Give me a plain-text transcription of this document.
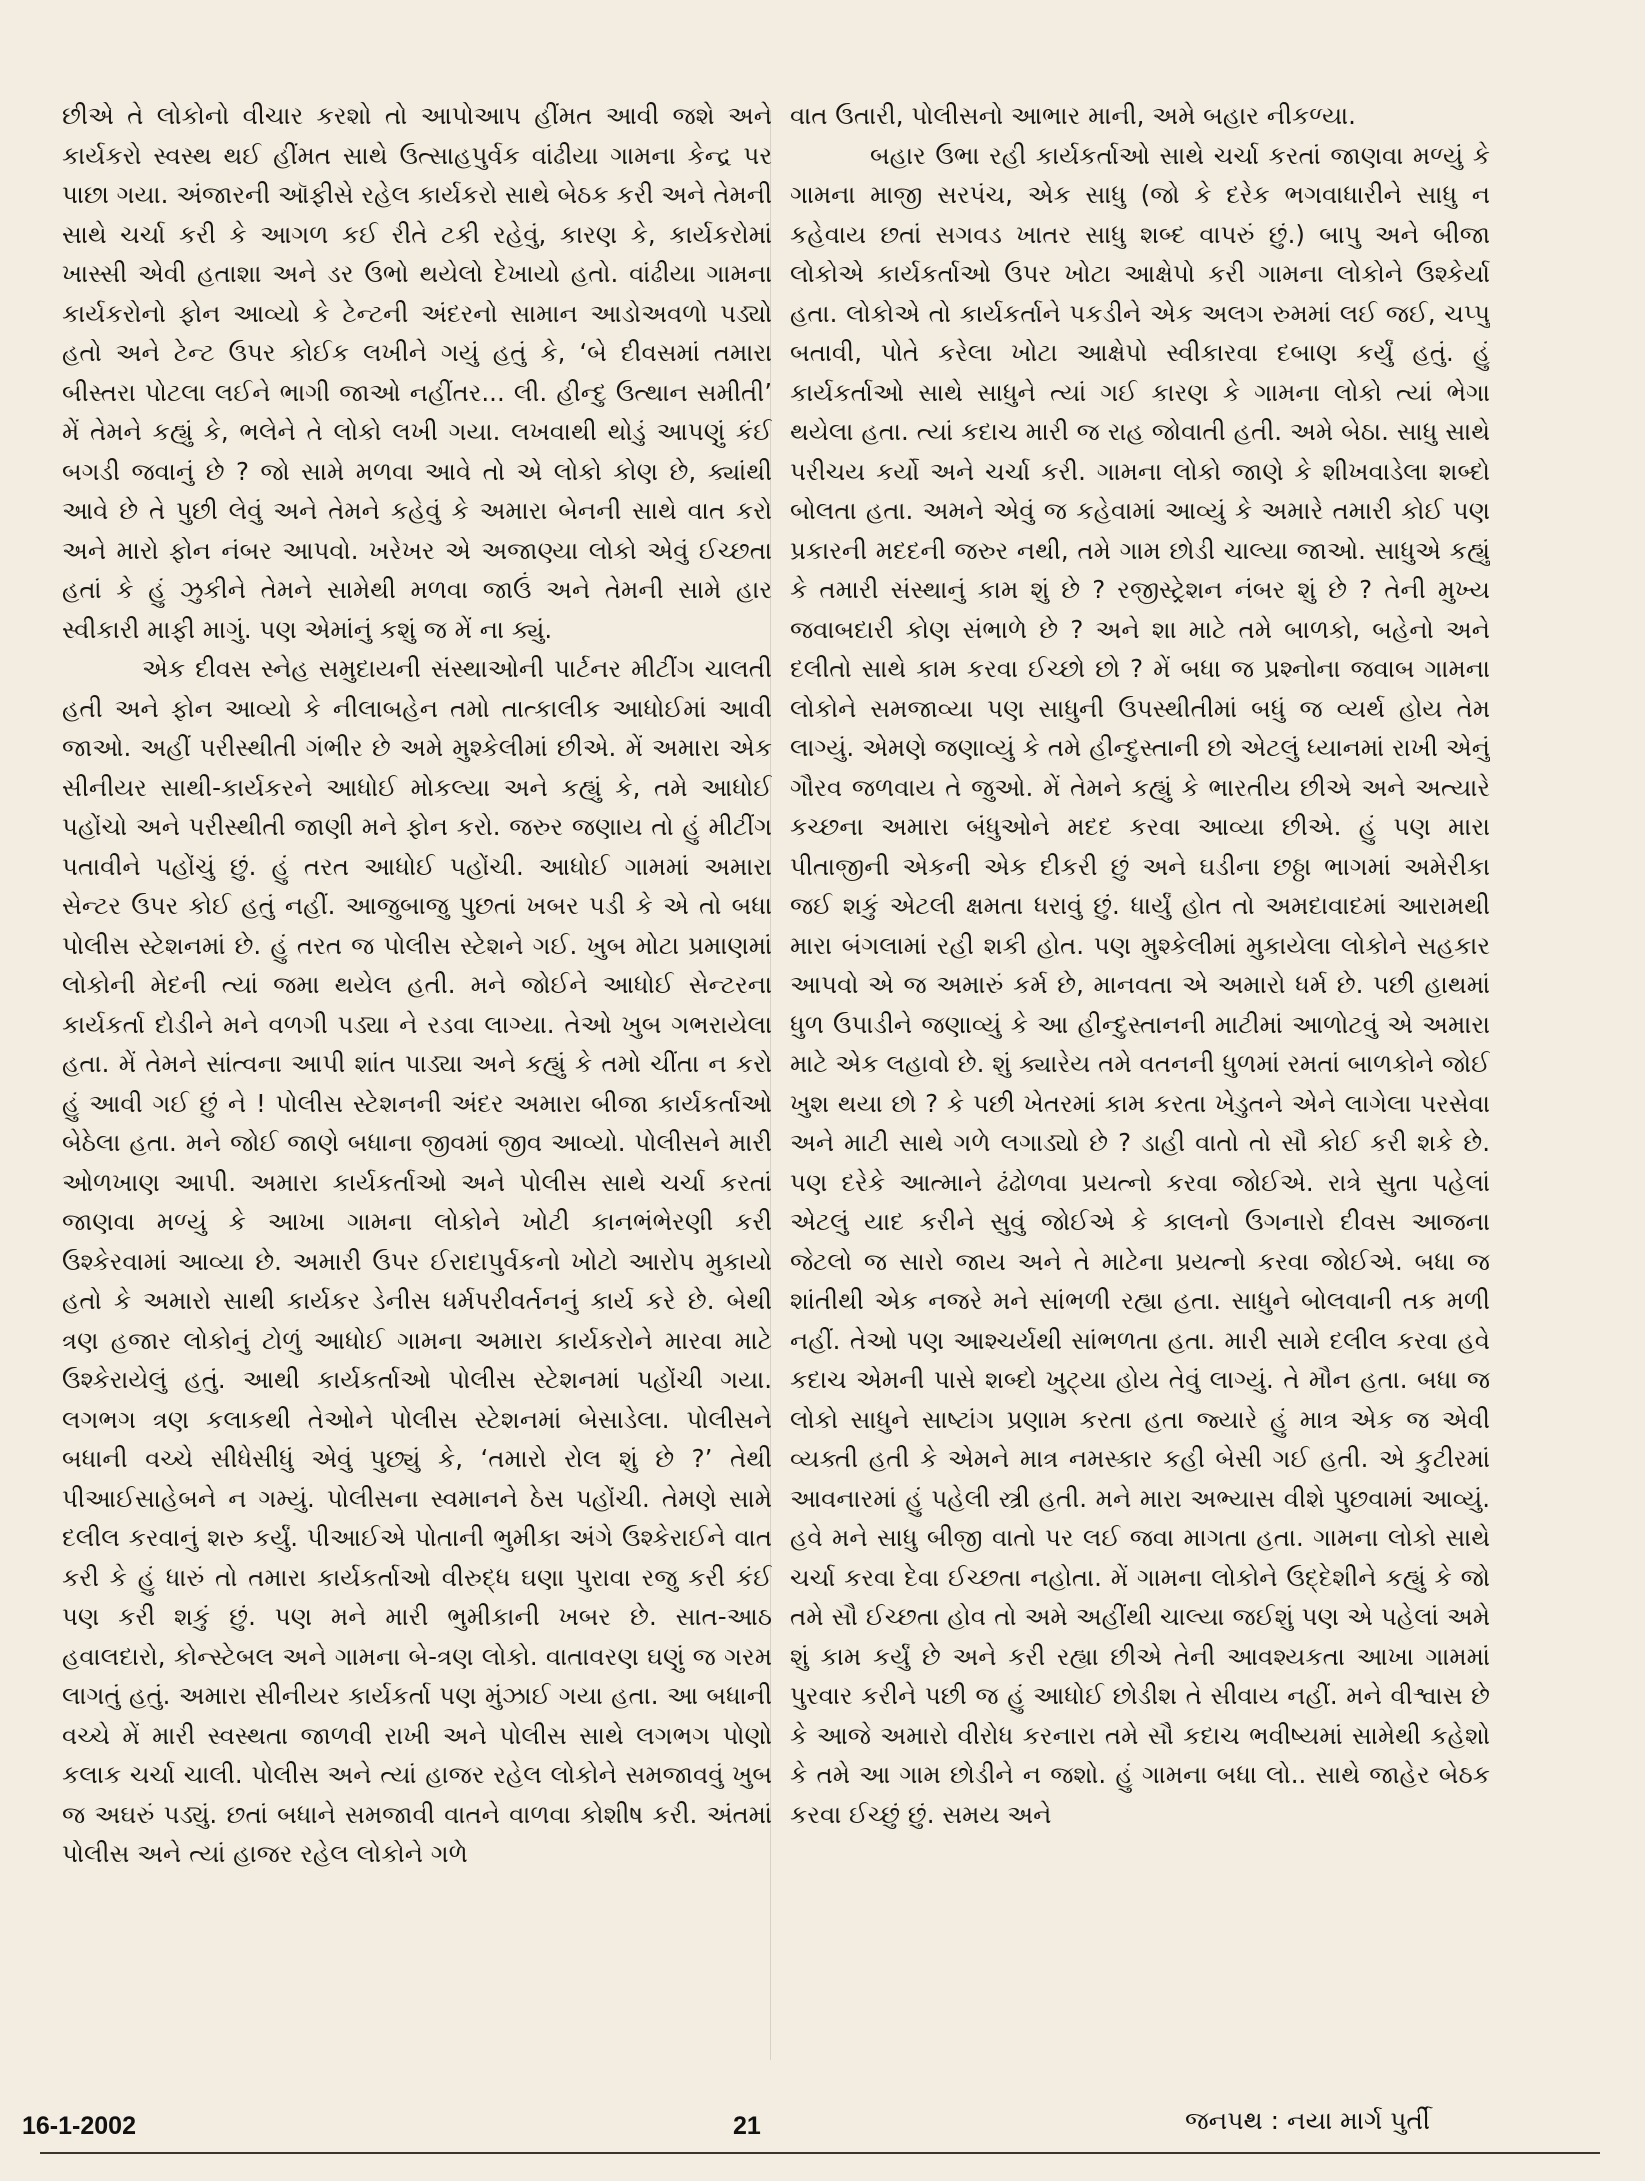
છીએ તે લોકોનો વીચાર કરશો તો આપોઆપ હીંમત આવી જશે અને કાર્યકરો સ્વસ્થ થઈ હીંમત સાથે ઉત્સાહપુર્વક વાંઢીયા ગામના કેન્દ્ર પર પાછા ગયા. અંજારની ઑફીસે રહેલ કાર્યકરો સાથે બેઠક કરી અને તેમની સાથે ચર્ચા કરી કે આગળ કઈ રીતે ટકી રહેવું, કારણ કે, કાર્યકરોમાં ખાસ્સી એવી હતાશા અને ડર ઉભો થયેલો દેખાયો હતો. વાંઢીયા ગામના કાર્યકરોનો ફોન આવ્યો કે ટેન્ટની અંદરનો સામાન આડોઅવળો પડ્યો હતો અને ટેન્ટ ઉપર કોઈક લખીને ગયું હતું કે, ‘બે દીવસમાં તમારા બીસ્તરા પોટલા લઈને ભાગી જાઓ નહીંતર... લી. હીન્દુ ઉત્થાન સમીતી’ મેં તેમને કહ્યું કે, ભલેને તે લોકો લખી ગયા. લખવાથી થોડું આપણું કંઈ બગડી જવાનું છે ? જો સામે મળવા આવે તો એ લોકો કોણ છે, ક્યાંથી આવે છે તે પુછી લેવું અને તેમને કહેવું કે અમારા બેનની સાથે વાત કરો અને મારો ફોન નંબર આપવો. ખરેખર એ અજાણ્યા લોકો એવું ઈચ્છતા હતાં કે હું ઝુકીને તેમને સામેથી મળવા જાઉં અને તેમની સામે હાર સ્વીકારી માફી માગું. પણ એમાંનું કશું જ મેં ના ક્યું.

એક દીવસ સ્નેહ સમુદાયની સંસ્થાઓની પાર્ટનર મીટીંગ ચાલતી હતી અને ફોન આવ્યો કે નીલાબહેન તમો તાત્કાલીક આધોઈમાં આવી જાઓ. અહીં પરીસ્થીતી ગંભીર છે અમે મુશ્કેલીમાં છીએ. મેં અમારા એક સીનીયર સાથી-કાર્યકરને આધોઈ મોકલ્યા અને કહ્યું કે, તમે આધોઈ પહોંચો અને પરીસ્થીતી જાણી મને ફોન કરો. જરુર જણાય તો હું મીટીંગ પતાવીને પહોંચું છું. હું તરત આધોઈ પહોંચી. આધોઈ ગામમાં અમારા સેન્ટર ઉપર કોઈ હતું નહીં. આજુબાજુ પુછતાં ખબર પડી કે એ તો બધા પોલીસ સ્ટેશનમાં છે. હું તરત જ પોલીસ સ્ટેશને ગઈ. ખુબ મોટા પ્રમાણમાં લોકોની મેદની ત્યાં જમા થયેલ હતી. મને જોઈને આધોઈ સેન્ટરના કાર્યકર્તા દોડીને મને વળગી પડ્યા ને રડવા લાગ્યા. તેઓ ખુબ ગભરાયેલા હતા. મેં તેમને સાંત્વના આપી શાંત પાડ્યા અને કહ્યું કે તમો ચીંતા ન કરો હું આવી ગઈ છું ને ! પોલીસ સ્ટેશનની અંદર અમારા બીજા કાર્યકર્તાઓ બેઠેલા હતા. મને જોઈ જાણે બધાના જીવમાં જીવ આવ્યો. પોલીસને મારી ઓળખાણ આપી. અમારા કાર્યકર્તાઓ અને પોલીસ સાથે ચર્ચા કરતાં જાણવા મળ્યું કે આખા ગામના લોકોને ખોટી કાનભંભેરણી કરી ઉશ્કેરવામાં આવ્યા છે. અમારી ઉપર ઈરાદાપુર્વકનો ખોટો આરોપ મુકાયો હતો કે અમારો સાથી કાર્યકર ડેનીસ ધર્મપરીવર્તનનું કાર્ય કરે છે. બેથી ત્રણ હજાર લોકોનું ટોળું આધોઈ ગામના અમારા કાર્યકરોને મારવા માટે ઉશ્કેરાયેલું હતું. આથી કાર્યકર્તાઓ પોલીસ સ્ટેશનમાં પહોંચી ગયા. લગભગ ત્રણ કલાકથી તેઓને પોલીસ સ્ટેશનમાં બેસાડેલા. પોલીસને બધાની વચ્ચે સીધેસીધું એવું પુછ્યું કે, ‘તમારો રોલ શું છે ?’ તેથી પીઆઈસાહેબને ન ગમ્યું. પોલીસના સ્વમાનને ઠેસ પહોંચી. તેમણે સામે દલીલ કરવાનું શરુ કર્યું. પીઆઈએ પોતાની ભુમીકા અંગે ઉશ્કેરાઈને વાત કરી કે હું ધારું તો તમારા કાર્યકર્તાઓ વીરુદ્ધ ઘણા પુરાવા રજુ કરી કંઈ પણ કરી શકું છું. પણ મને મારી ભુમીકાની ખબર છે. સાત-આઠ હવાલદારો, કોન્સ્ટેબલ અને ગામના બે-ત્રણ લોકો. વાતાવરણ ઘણું જ ગરમ લાગતું હતું. અમારા સીનીયર કાર્યકર્તા પણ મુંઝાઈ ગયા હતા. આ બધાની વચ્ચે મેં મારી સ્વસ્થતા જાળવી રાખી અને પોલીસ સાથે લગભગ પોણો કલાક ચર્ચા ચાલી. પોલીસ અને ત્યાં હાજર રહેલ લોકોને સમજાવવું ખુબ જ અઘરું પડ્યું. છતાં બધાને સમજાવી વાતને વાળવા કોશીષ કરી. અંતમાં પોલીસ અને ત્યાં હાજર રહેલ લોકોને ગળે

વાત ઉતારી, પોલીસનો આભાર માની, અમે બહાર નીકળ્યા.

બહાર ઉભા રહી કાર્યકર્તાઓ સાથે ચર્ચા કરતાં જાણવા મળ્યું કે ગામના માજી સરપંચ, એક સાધુ (જો કે દરેક ભગવાધારીને સાધુ ન કહેવાય છતાં સગવડ ખાતર સાધુ શબ્દ વાપરું છું.) બાપુ અને બીજા લોકોએ કાર્યકર્તાઓ ઉપર ખોટા આક્ષેપો કરી ગામના લોકોને ઉશ્કેર્યા હતા. લોકોએ તો કાર્યકર્તાને પકડીને એક અલગ રુમમાં લઈ જઈ, ચપ્પુ બતાવી, પોતે કરેલા ખોટા આક્ષેપો સ્વીકારવા દબાણ કર્યું હતું. હું કાર્યકર્તાઓ સાથે સાધુને ત્યાં ગઈ કારણ કે ગામના લોકો ત્યાં ભેગા થયેલા હતા. ત્યાં કદાચ મારી જ રાહ જોવાતી હતી. અમે બેઠા. સાધુ સાથે પરીચય કર્યો અને ચર્ચા કરી. ગામના લોકો જાણે કે શીખવાડેલા શબ્દો બોલતા હતા. અમને એવું જ કહેવામાં આવ્યું કે અમારે તમારી કોઈ પણ પ્રકારની મદદની જરુર નથી, તમે ગામ છોડી ચાલ્યા જાઓ. સાધુએ કહ્યું કે તમારી સંસ્થાનું કામ શું છે ? રજીસ્ટ્રેશન નંબર શું છે ? તેની મુખ્ય જવાબદારી કોણ સંભાળે છે ? અને શા માટે તમે બાળકો, બહેનો અને દલીતો સાથે કામ કરવા ઈચ્છો છો ? મેં બધા જ પ્રશ્નોના જવાબ ગામના લોકોને સમજાવ્યા પણ સાધુની ઉપસ્થીતીમાં બધું જ વ્યર્થ હોય તેમ લાગ્યું. એમણે જણાવ્યું કે તમે હીન્દુસ્તાની છો એટલું ધ્યાનમાં રાખી એનું ગૌરવ જળવાય તે જુઓ. મેં તેમને કહ્યું કે ભારતીય છીએ અને અત્યારે કચ્છના અમારા બંધુઓને મદદ કરવા આવ્યા છીએ. હું પણ મારા પીતાજીની એકની એક દીકરી છું અને ઘડીના છઠ્ઠા ભાગમાં અમેરીકા જઈ શકું એટલી ક્ષમતા ધરાવું છું. ધાર્યું હોત તો અમદાવાદમાં આરામથી મારા બંગલામાં રહી શકી હોત. પણ મુશ્કેલીમાં મુકાયેલા લોકોને સહકાર આપવો એ જ અમારું કર્મ છે, માનવતા એ અમારો ધર્મ છે. પછી હાથમાં ધુળ ઉપાડીને જણાવ્યું કે આ હીન્દુસ્તાનની માટીમાં આળોટવું એ અમારા માટે એક લહાવો છે. શું ક્યારેય તમે વતનની ધુળમાં રમતાં બાળકોને જોઈ ખુશ થયા છો ? કે પછી ખેતરમાં કામ કરતા ખેડુતને એને લાગેલા પરસેવા અને માટી સાથે ગળે લગાડ્યો છે ? ડાહી વાતો તો સૌ કોઈ કરી શકે છે. પણ દરેકે આત્માને ઢંઢોળવા પ્રયત્નો કરવા જોઈએ. રાત્રે સુતા પહેલાં એટલું યાદ કરીને સુવું જોઈએ કે કાલનો ઉગનારો દીવસ આજના જેટલો જ સારો જાય અને તે માટેના પ્રયત્નો કરવા જોઈએ. બધા જ શાંતીથી એક નજરે મને સાંભળી રહ્યા હતા. સાધુને બોલવાની તક મળી નહીં. તેઓ પણ આશ્ચર્યથી સાંભળતા હતા. મારી સામે દલીલ કરવા હવે કદાચ એમની પાસે શબ્દો ખુટ્યા હોય તેવું લાગ્યું. તે મૌન હતા. બધા જ લોકો સાધુને સાષ્ટાંગ પ્રણામ કરતા હતા જ્યારે હું માત્ર એક જ એવી વ્યક્તી હતી કે એમને માત્ર નમસ્કાર કહી બેસી ગઈ હતી. એ કુટીરમાં આવનારમાં હું પહેલી સ્ત્રી હતી. મને મારા અભ્યાસ વીશે પુછવામાં આવ્યું. હવે મને સાધુ બીજી વાતો પર લઈ જવા માગતા હતા. ગામના લોકો સાથે ચર્ચા કરવા દેવા ઈચ્છતા નહોતા. મેં ગામના લોકોને ઉદ્દેશીને કહ્યું કે જો તમે સૌ ઈચ્છતા હોવ તો અમે અહીંથી ચાલ્યા જઈશું પણ એ પહેલાં અમે શું કામ કર્યું છે અને કરી રહ્યા છીએ તેની આવશ્યકતા આખા ગામમાં પુરવાર કરીને પછી જ હું આધોઈ છોડીશ તે સીવાય નહીં. મને વીશ્વાસ છે કે આજે અમારો વીરોધ કરનારા તમે સૌ કદાચ ભવીષ્યમાં સામેથી કહેશો કે તમે આ ગામ છોડીને ન જશો. હું ગામના બધા લો.. સાથે જાહેર બેઠક કરવા ઈચ્છું છું. સમય અને

16-1-2002	21	જનપથ : નયા માર્ગ પુર્તી
